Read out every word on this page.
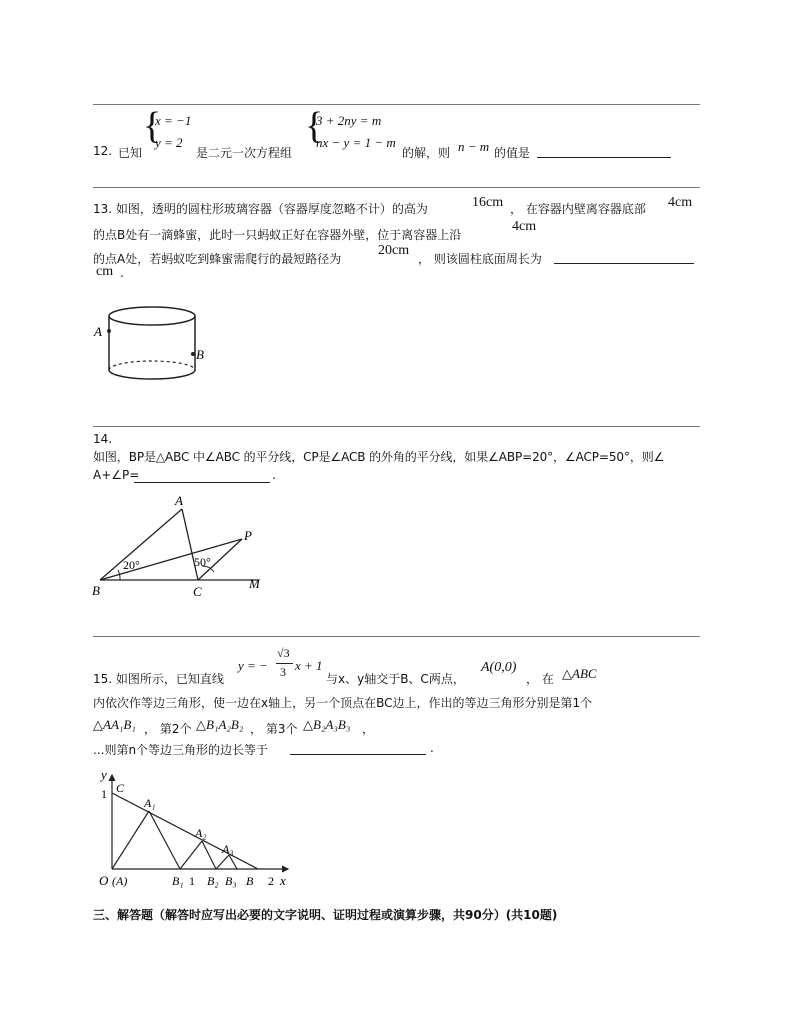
12. 已知
{
x = −1
y = 2
是二元一次方程组
{
3 + 2ny = m
nx − y = 1 − m
的解，则 n − m 的值是
13. 如图，透明的圆柱形玻璃容器（容器厚度忽略不计）的高为	16cm ， 在容器内壁离容器底部 4cm
的点B处有一滴蜂蜜，此时一只蚂蚁正好在容器外壁，位于离容器上沿
4cm
的点A处，若蚂蚁吃到蜂蜜需爬行的最短路径为
20cm
， 则该圆柱底面周长为
cm .
A
B
14.
如图，BP是△ABC 中∠ABC 的平分线，CP是∠ACB 的外角的平分线，如果∠ABP=20°，∠ACP=50°，则∠
A+∠P=	.
A
B	C
P
M
20°	50°
15. 如图所示，已知直线
y = −
√3
3 x + 1
与x、y轴交于B、C两点，
A(0,0)
， 在 △ABC
内依次作等边三角形，使一边在x轴上，另一个顶点在BC边上，作出的等边三角形分别是第1个
△AA₁B₁ ， 第2个 △B₁A₂B₂ ， 第3个 △B₂A₃B₃ ，
...则第n个等边三角形的边长等于	.
y
1 C
O (A)
A₁
A₂
A₃
B₁ 1 B₂ B₃ B 2 x
三、解答题（解答时应写出必要的文字说明、证明过程或演算步骤，共90分）(共10题)
